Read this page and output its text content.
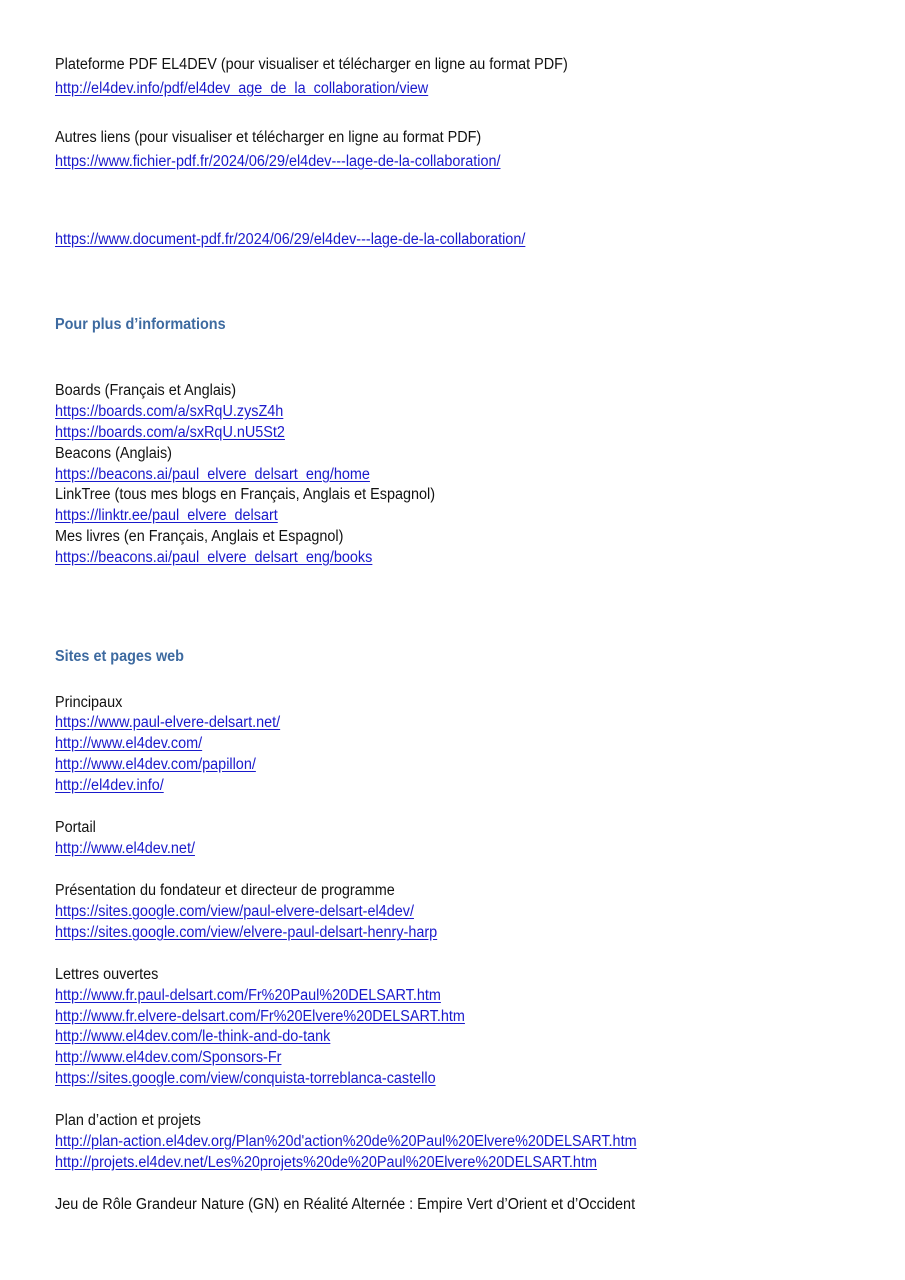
Plateforme PDF EL4DEV (pour visualiser et télécharger en ligne au format PDF)
http://el4dev.info/pdf/el4dev_age_de_la_collaboration/view
Autres liens (pour visualiser et télécharger en ligne au format PDF)
https://www.fichier-pdf.fr/2024/06/29/el4dev---lage-de-la-collaboration/
https://www.document-pdf.fr/2024/06/29/el4dev---lage-de-la-collaboration/
Pour plus d’informations
Boards (Français et Anglais)
https://boards.com/a/sxRqU.zysZ4h
https://boards.com/a/sxRqU.nU5St2
Beacons (Anglais)
https://beacons.ai/paul_elvere_delsart_eng/home
LinkTree (tous mes blogs en Français, Anglais et Espagnol)
https://linktr.ee/paul_elvere_delsart
Mes livres (en Français, Anglais et Espagnol)
https://beacons.ai/paul_elvere_delsart_eng/books
Sites et pages web
Principaux
https://www.paul-elvere-delsart.net/
http://www.el4dev.com/
http://www.el4dev.com/papillon/
http://el4dev.info/
Portail
http://www.el4dev.net/
Présentation du fondateur et directeur de programme
https://sites.google.com/view/paul-elvere-delsart-el4dev/
https://sites.google.com/view/elvere-paul-delsart-henry-harp
Lettres ouvertes
http://www.fr.paul-delsart.com/Fr%20Paul%20DELSART.htm
http://www.fr.elvere-delsart.com/Fr%20Elvere%20DELSART.htm
http://www.el4dev.com/le-think-and-do-tank
http://www.el4dev.com/Sponsors-Fr
https://sites.google.com/view/conquista-torreblanca-castello
Plan d’action et projets
http://plan-action.el4dev.org/Plan%20d'action%20de%20Paul%20Elvere%20DELSART.htm
http://projets.el4dev.net/Les%20projets%20de%20Paul%20Elvere%20DELSART.htm
Jeu de Rôle Grandeur Nature (GN) en Réalité Alternée : Empire Vert d’Orient et d’Occident
